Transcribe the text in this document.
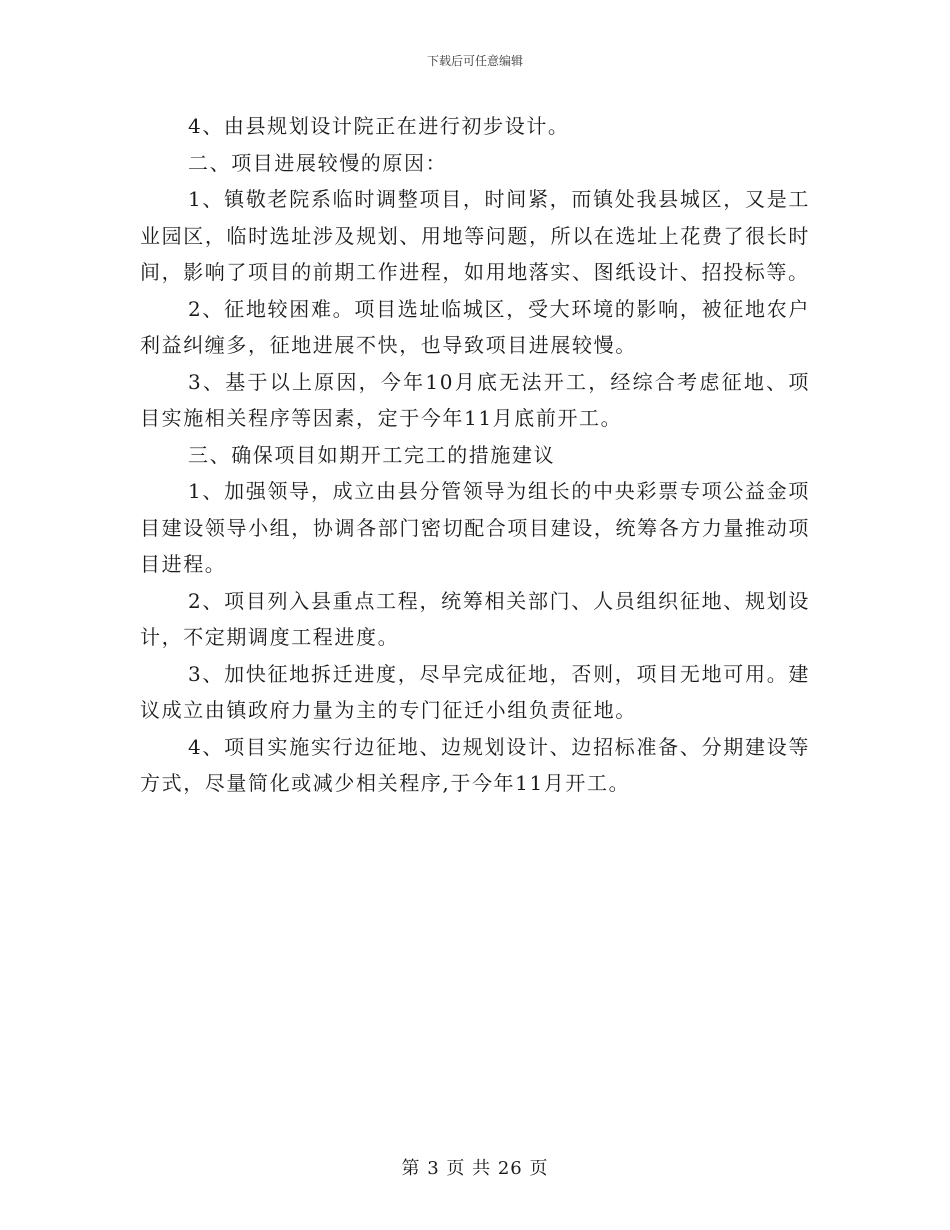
下载后可任意编辑

4、由县规划设计院正在进行初步设计。

二、项目进展较慢的原因：

1、镇敬老院系临时调整项目，时间紧，而镇处我县城区，又是工业园区，临时选址涉及规划、用地等问题，所以在选址上花费了很长时间，影响了项目的前期工作进程，如用地落实、图纸设计、招投标等。

2、征地较困难。项目选址临城区，受大环境的影响，被征地农户利益纠缠多，征地进展不快，也导致项目进展较慢。

3、基于以上原因，今年10月底无法开工，经综合考虑征地、项目实施相关程序等因素，定于今年11月底前开工。

三、确保项目如期开工完工的措施建议

1、加强领导，成立由县分管领导为组长的中央彩票专项公益金项目建设领导小组，协调各部门密切配合项目建设，统筹各方力量推动项目进程。

2、项目列入县重点工程，统筹相关部门、人员组织征地、规划设计，不定期调度工程进度。

3、加快征地拆迁进度，尽早完成征地，否则，项目无地可用。建议成立由镇政府力量为主的专门征迁小组负责征地。

4、项目实施实行边征地、边规划设计、边招标准备、分期建设等方式，尽量简化或减少相关程序,于今年11月开工。

第 3 页 共 26 页
